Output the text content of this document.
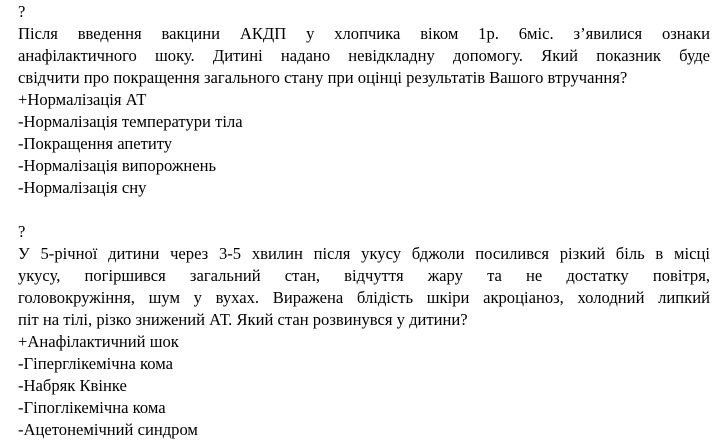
?
Після введення вакцини АКДП у хлопчика віком 1р. 6міс. з’явилися ознаки
анафілактичного шоку. Дитині надано невідкладну допомогу. Який показник буде
свідчити про покращення загального стану при оцінці результатів Вашого втручання?
+Нормалізація АТ
-Нормалізація температури тіла
-Покращення апетиту
-Нормалізація випорожнень
-Нормалізація сну
?
У 5-річної дитини через 3-5 хвилин після укусу бджоли посилився різкий біль в місці
укусу, погіршився загальний стан, відчуття жару та не достатку повітря,
головокружіння, шум у вухах. Виражена блідість шкіри акроціаноз, холодний липкий
піт на тілі, різко знижений АТ. Який стан розвинувся у дитини?
+Анафілактичний шок
-Гіперглікемічна кома
-Набряк Квінке
-Гіпоглікемічна кома
-Ацетонемічний синдром
